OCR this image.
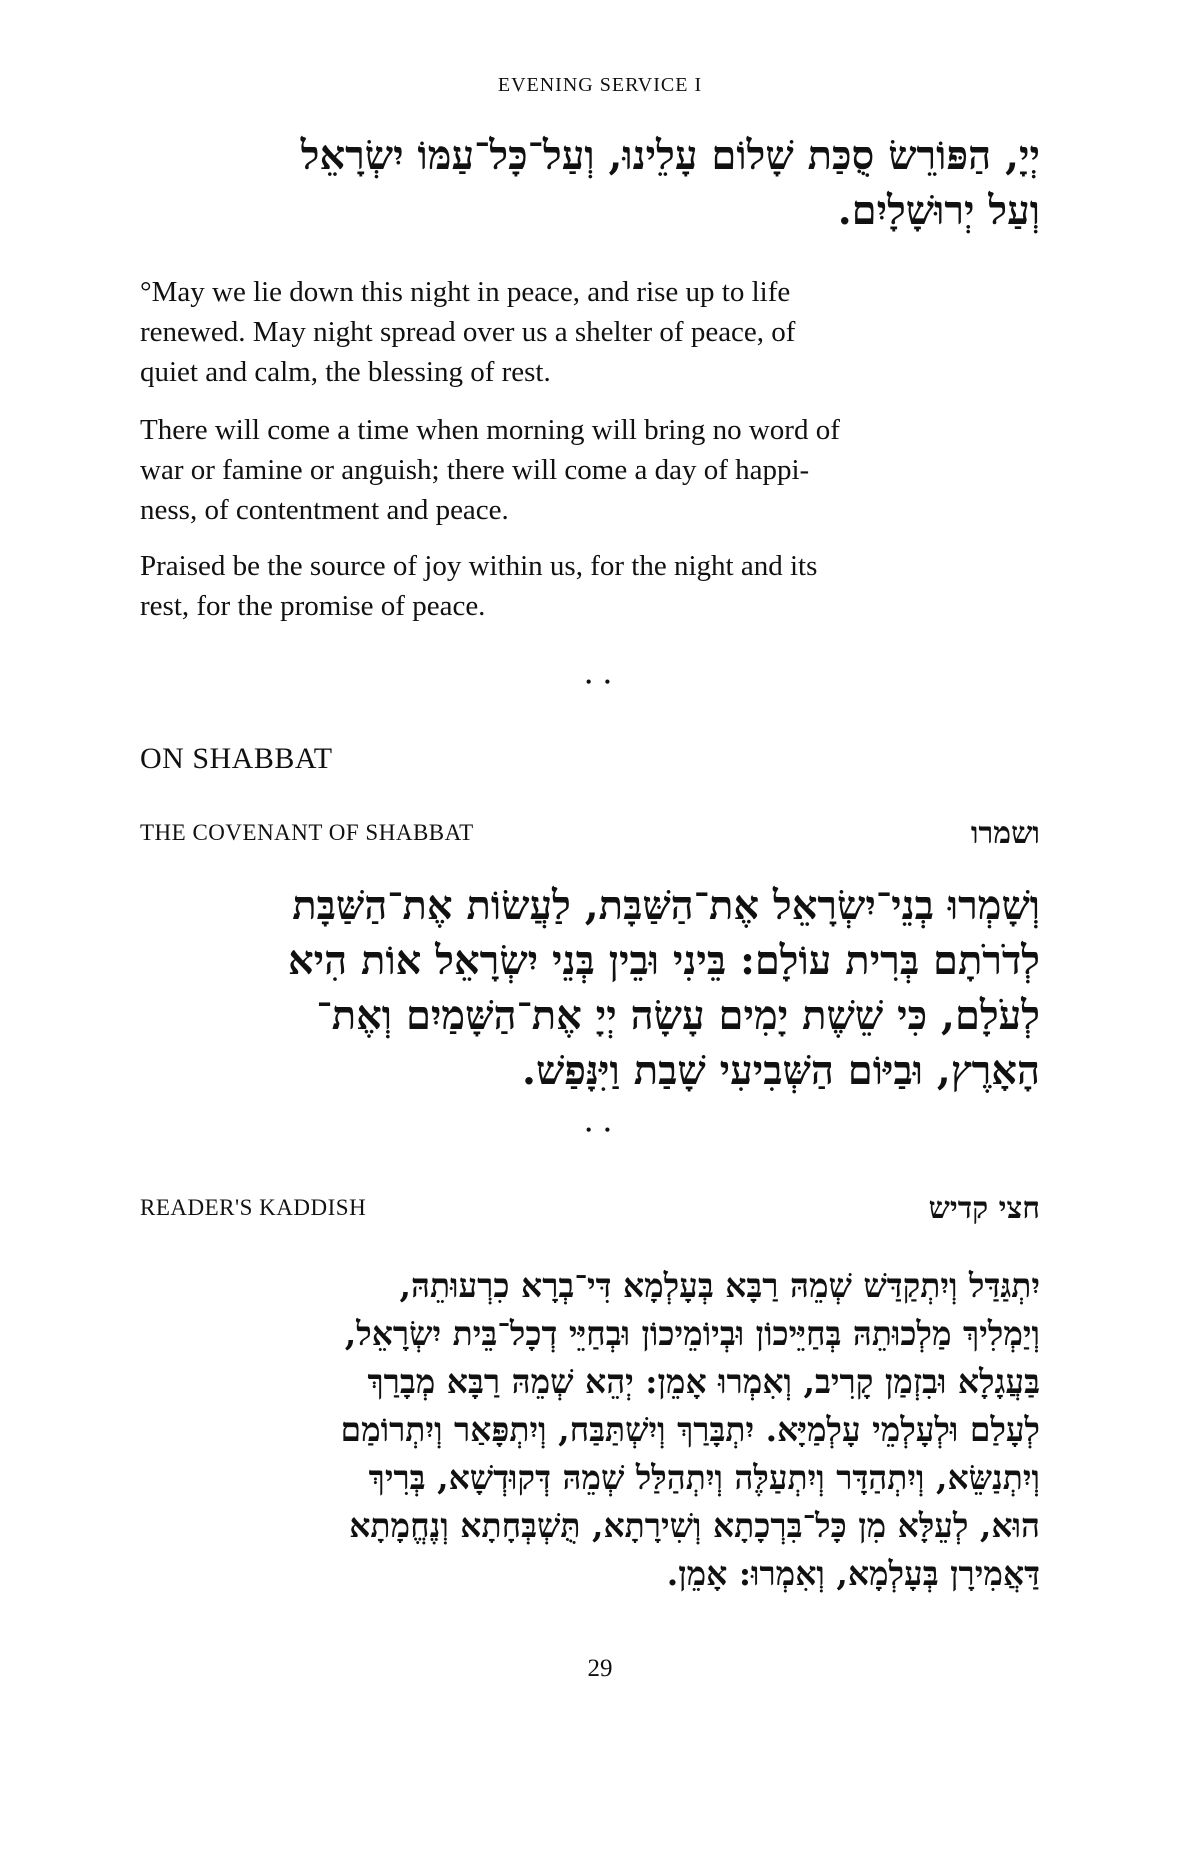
EVENING SERVICE I
יְיָ, הַפּוֹרֵשׂ סֻכַּת שָׁלוֹם עָלֵינוּ, וְעַל־כָּל־עַמּוֹ יִשְׂרָאֵל
וְעַל יְרוּשָׁלָיִם.

°May we lie down this night in peace, and rise up to life
renewed. May night spread over us a shelter of peace, of
quiet and calm, the blessing of rest.

There will come a time when morning will bring no word of
war or famine or anguish; there will come a day of happi-
ness, of contentment and peace.

Praised be the source of joy within us, for the night and its
rest, for the promise of peace.

• •
ON SHABBAT
THE COVENANT OF SHABBAT	ושמרו
וְשָׁמְרוּ בְנֵי־יִשְׂרָאֵל אֶת־הַשַּׁבָּת, לַעֲשׂוֹת אֶת־הַשַּׁבָּת
לְדֹרֹתָם בְּרִית עוֹלָם: בֵּינִי וּבֵין בְּנֵי יִשְׂרָאֵל אוֹת הִיא
לְעֹלָם, כִּי שֵׁשֶׁת יָמִים עָשָׂה יְיָ אֶת־הַשָּׁמַיִם וְאֶת־
הָאָרֶץ, וּבַיּוֹם הַשְּׁבִיעִי שָׁבַת וַיִּנָּפַשׁ.
• •
READER'S KADDISH	חצי קדיש
יִתְגַּדַּל וְיִתְקַדַּשׁ שְׁמֵהּ רַבָּא בְּעָלְמָא דִּי־בְרָא כִרְעוּתֵהּ,
וְיַמְלִיךְ מַלְכוּתֵהּ בְּחַיֵּיכוֹן וּבְיוֹמֵיכוֹן וּבְחַיֵּי דְכָל־בֵּית יִשְׂרָאֵל,
בַּעֲגָלָא וּבִזְמַן קָרִיב, וְאִמְרוּ אָמֵן: יְהֵא שְׁמֵהּ רַבָּא מְבָרַךְ
לְעָלַם וּלְעָלְמֵי עָלְמַיָּא. יִתְבָּרַךְ וְיִשְׁתַּבַּח, וְיִתְפָּאַר וְיִתְרוֹמַם
וְיִתְנַשֵּׂא, וְיִתְהַדָּר וְיִתְעַלֶּה וְיִתְהַלַּל שְׁמֵהּ דְּקוּדְשָׁא, בְּרִיךְ
הוּא, לְעֵלָּא מִן כָּל־בִּרְכָתָא וְשִׁירָתָא, תֻּשְׁבְּחָתָא וְנֶחֱמָתָא
דַּאֲמִירָן בְּעָלְמָא, וְאִמְרוּ: אָמֵן.
29
